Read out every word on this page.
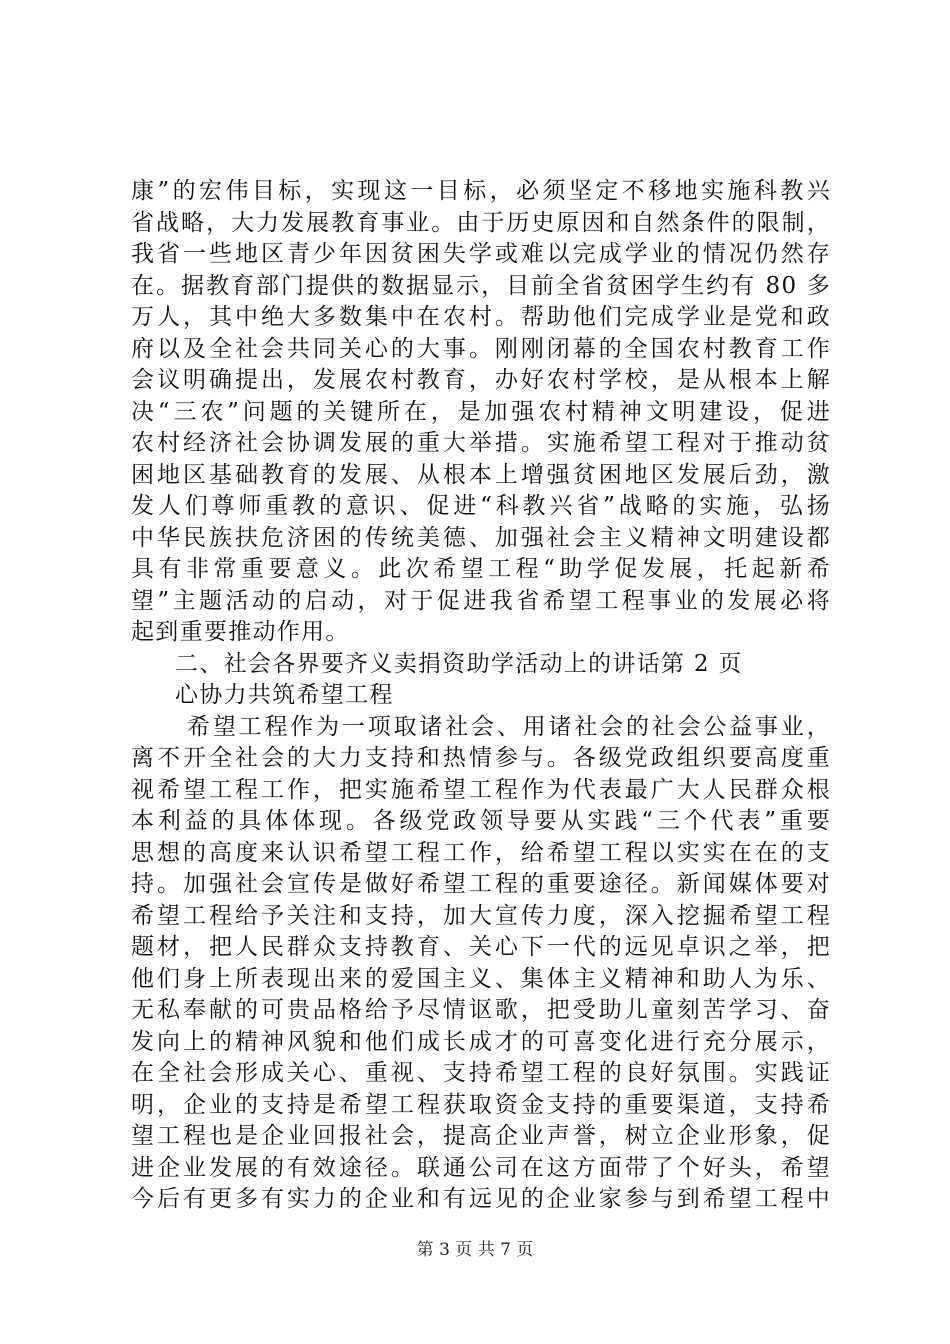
康”的宏伟目标，实现这一目标，必须坚定不移地实施科教兴
省战略，大力发展教育事业。由于历史原因和自然条件的限制，
我省一些地区青少年因贫困失学或难以完成学业的情况仍然存
在。据教育部门提供的数据显示，目前全省贫困学生约有 80 多
万人，其中绝大多数集中在农村。帮助他们完成学业是党和政
府以及全社会共同关心的大事。刚刚闭幕的全国农村教育工作
会议明确提出，发展农村教育，办好农村学校，是从根本上解
决“三农”问题的关键所在，是加强农村精神文明建设，促进
农村经济社会协调发展的重大举措。实施希望工程对于推动贫
困地区基础教育的发展、从根本上增强贫困地区发展后劲，激
发人们尊师重教的意识、促进“科教兴省”战略的实施，弘扬
中华民族扶危济困的传统美德、加强社会主义精神文明建设都
具有非常重要意义。此次希望工程“助学促发展，托起新希
望”主题活动的启动，对于促进我省希望工程事业的发展必将
起到重要推动作用。
二、社会各界要齐义卖捐资助学活动上的讲话第 2 页
心协力共筑希望工程
希望工程作为一项取诸社会、用诸社会的社会公益事业，
离不开全社会的大力支持和热情参与。各级党政组织要高度重
视希望工程工作，把实施希望工程作为代表最广大人民群众根
本利益的具体体现。各级党政领导要从实践“三个代表”重要
思想的高度来认识希望工程工作，给希望工程以实实在在的支
持。加强社会宣传是做好希望工程的重要途径。新闻媒体要对
希望工程给予关注和支持，加大宣传力度，深入挖掘希望工程
题材，把人民群众支持教育、关心下一代的远见卓识之举，把
他们身上所表现出来的爱国主义、集体主义精神和助人为乐、
无私奉献的可贵品格给予尽情讴歌，把受助儿童刻苦学习、奋
发向上的精神风貌和他们成长成才的可喜变化进行充分展示，
在全社会形成关心、重视、支持希望工程的良好氛围。实践证
明，企业的支持是希望工程获取资金支持的重要渠道，支持希
望工程也是企业回报社会，提高企业声誉，树立企业形象，促
进企业发展的有效途径。联通公司在这方面带了个好头，希望
今后有更多有实力的企业和有远见的企业家参与到希望工程中
第 3 页 共 7 页
